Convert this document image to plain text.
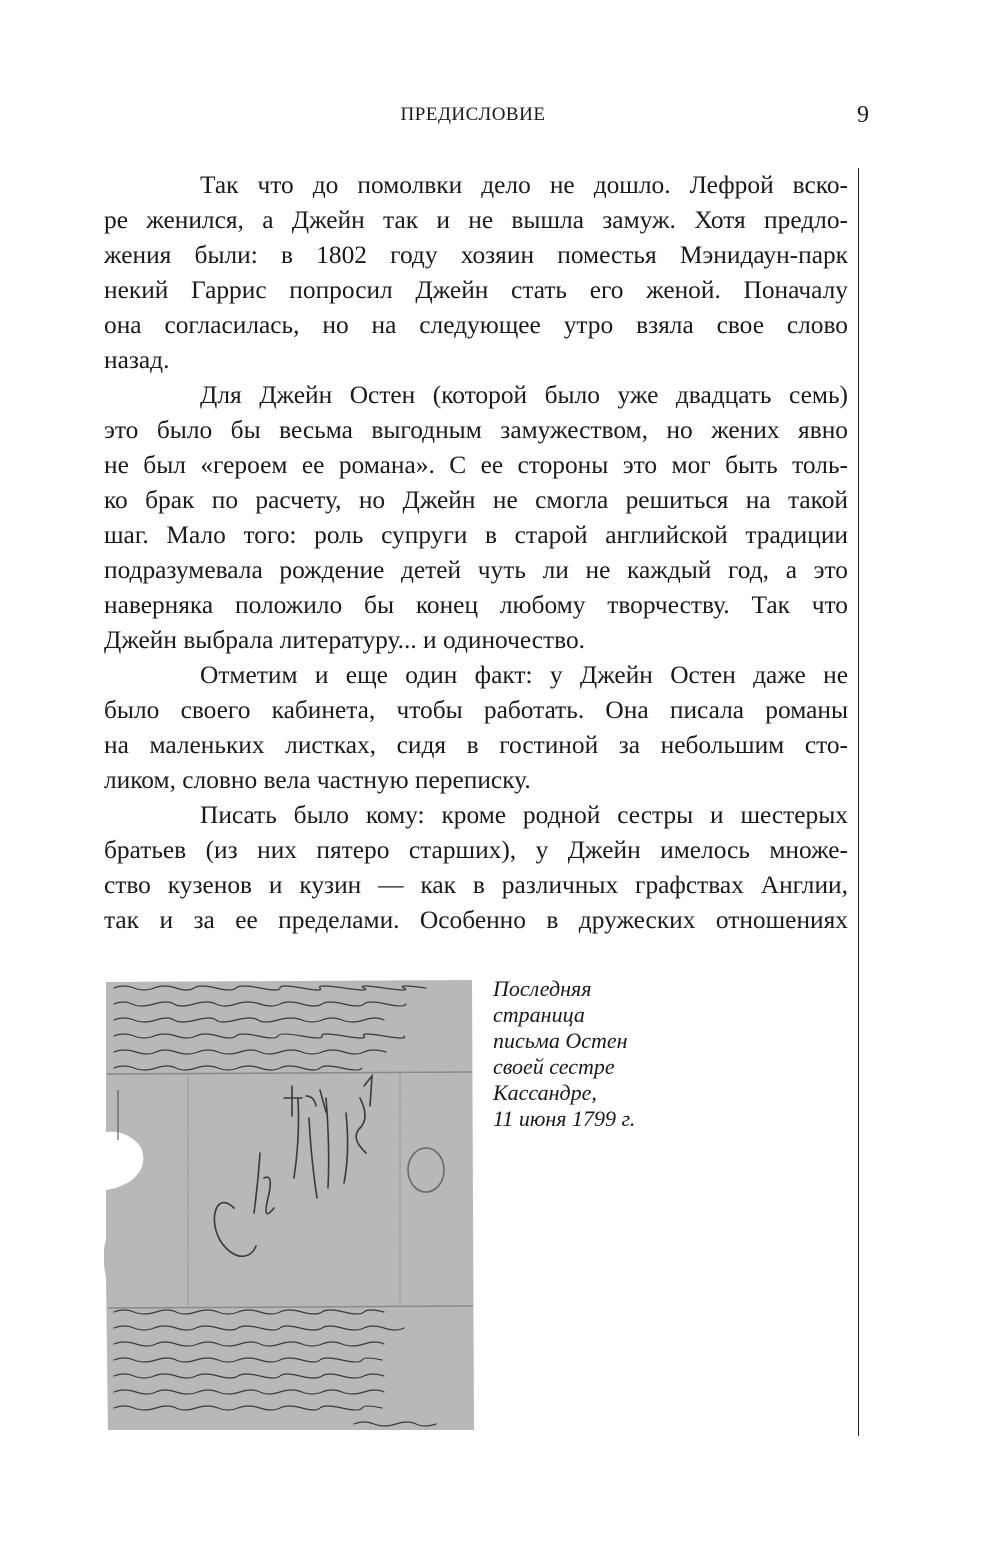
ПРЕДИСЛОВИЕ	9
Так что до помолвки дело не дошло. Лефрой вско-
ре женился, а Джейн так и не вышла замуж. Хотя предло-
жения были: в 1802 году хозяин поместья Мэнидаун-парк
некий Гаррис попросил Джейн стать его женой. Поначалу
она согласилась, но на следующее утро взяла свое слово
назад.
Для Джейн Остен (которой было уже двадцать семь)
это было бы весьма выгодным замужеством, но жених явно
не был «героем ее романа». С ее стороны это мог быть толь-
ко брак по расчету, но Джейн не смогла решиться на такой
шаг. Мало того: роль супруги в старой английской традиции
подразумевала рождение детей чуть ли не каждый год, а это
наверняка положило бы конец любому творчеству. Так что
Джейн выбрала литературу... и одиночество.
Отметим и еще один факт: у Джейн Остен даже не
было своего кабинета, чтобы работать. Она писала романы
на маленьких листках, сидя в гостиной за небольшим сто-
ликом, словно вела частную переписку.
Писать было кому: кроме родной сестры и шестерых
братьев (из них пятеро старших), у Джейн имелось множе-
ство кузенов и кузин — как в различных графствах Англии,
так и за ее пределами. Особенно в дружеских отношениях
Последняя
страница
письма Остен
своей сестре
Кассандре,
11 июня 1799 г.
